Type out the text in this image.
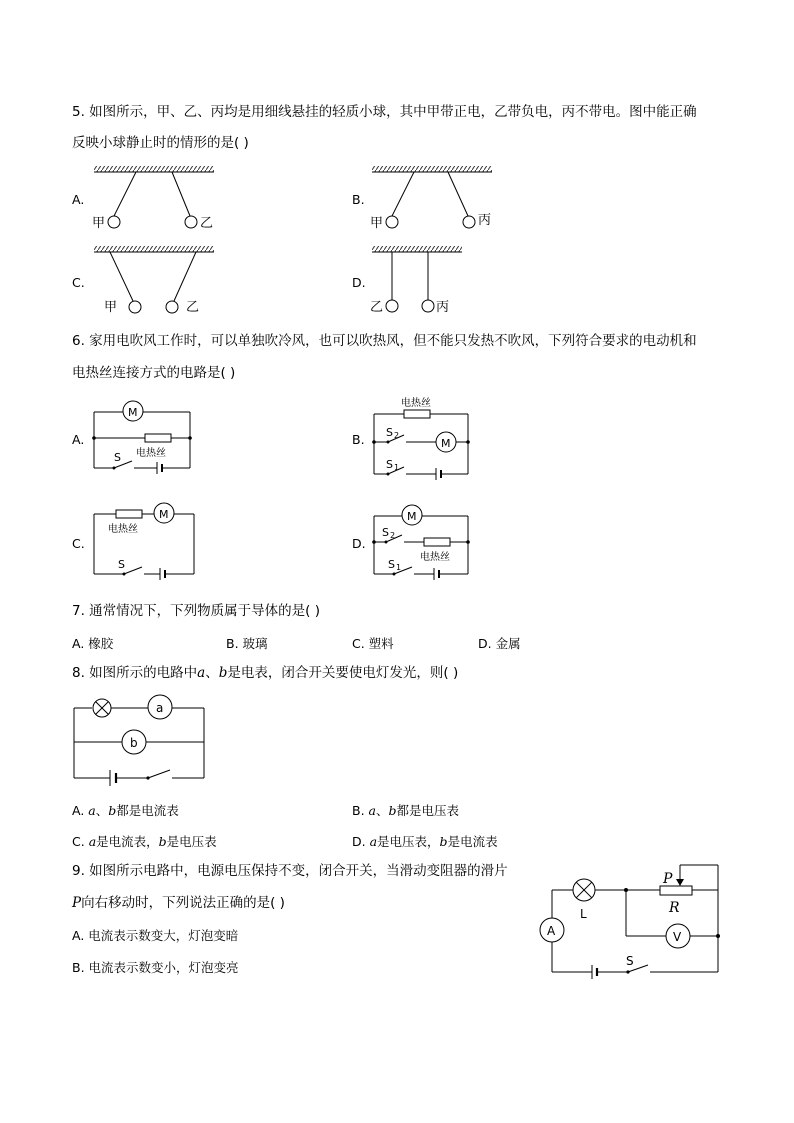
5. 如图所示，甲、乙、丙均是用细线悬挂的轻质小球，其中甲带正电，乙带负电，丙不带电。图中能正确
反映小球静止时的情形的是( )
A.
甲	乙
B.
甲	丙
C.
甲	乙
D.
乙	丙
6. 家用电吹风工作时，可以单独吹冷风，也可以吹热风，但不能只发热不吹风，下列符合要求的电动机和
电热丝连接方式的电路是( )
A.
M
S 电热丝
B.
电热丝
S 2
M
S 1
C.
M
电热丝
S
D.
M
S 2
电热丝
S 1
7. 通常情况下，下列物质属于导体的是( )
A. 橡胶	B. 玻璃	C. 塑料	D. 金属
8. 如图所示的电路中a、b是电表，闭合开关要使电灯发光，则( )
a
b
A. a、b都是电流表	B. a、b都是电压表
C. a是电流表，b是电压表	D. a是电压表，b是电流表
9. 如图所示电路中，电源电压保持不变，闭合开关，当滑动变阻器的滑片
P向右移动时，下列说法正确的是( )
A. 电流表示数变大，灯泡变暗
B. 电流表示数变小，灯泡变亮
L
P
R
V
A
S
